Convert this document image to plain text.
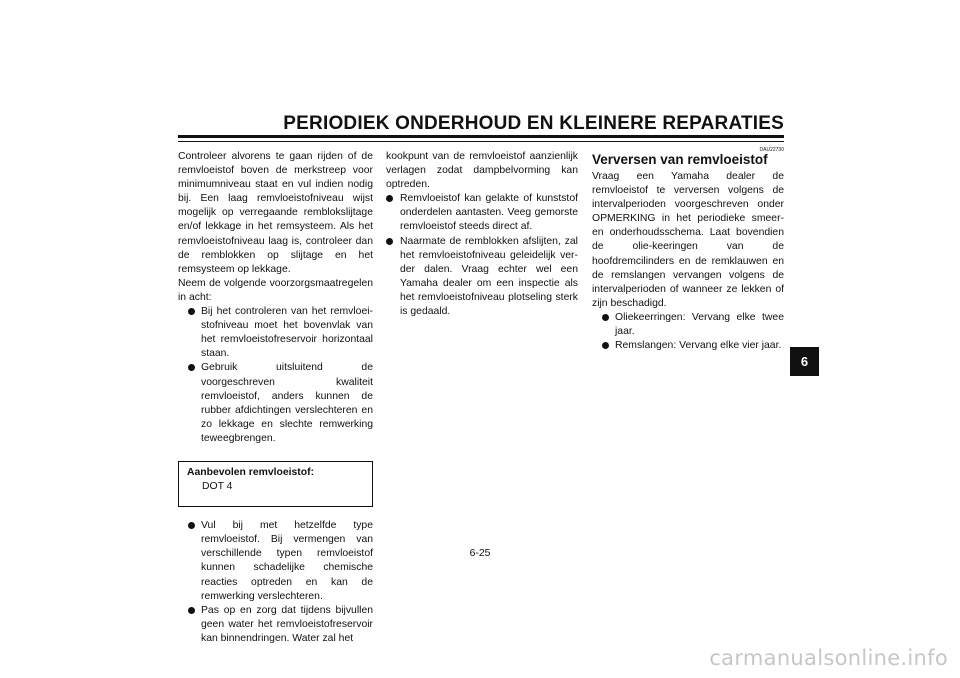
PERIODIEK ONDERHOUD EN KLEINERE REPARATIES

Controleer alvorens te gaan rijden of de remvloeistof boven de merkstreep voor minimumniveau staat en vul indien nodig bij. Een laag remvloeistofniveau wijst mogelijk op verregaande remblokslijtage en/of lekkage in het remsysteem. Als het remvloeistofniveau laag is, controleer dan de remblokken op slijtage en het remsysteem op lekkage.

Neem de volgende voorzorgsmaatregelen in acht:

Bij het controleren van het remvloeistofniveau moet het bovenvlak van het remvloeistofreservoir horizontaal staan.
Gebruik uitsluitend de voorgeschreven kwaliteit remvloeistof, anders kunnen de rubber afdichtingen verslechteren en zo lekkage en slechte remwerking teweegbrengen.
Aanbevolen remvloeistof:
DOT 4
Vul bij met hetzelfde type remvloeistof. Bij vermengen van verschillende typen remvloeistof kunnen schadelijke chemische reacties optreden en kan de remwerking verslechteren.
Pas op en zorg dat tijdens bijvullen geen water het remvloeistofreservoir kan binnendringen. Water zal het

kookpunt van de remvloeistof aanzienlijk verlagen zodat dampbelvorming kan optreden.

Remvloeistof kan gelakte of kunststof onderdelen aantasten. Veeg gemorste remvloeistof steeds direct af.
Naarmate de remblokken afslijten, zal het remvloeistofniveau geleidelijk verder dalen. Vraag echter wel een Yamaha dealer om een inspectie als het remvloeistofniveau plotseling sterk is gedaald.
DAU22730
Verversen van remvloeistof

Vraag een Yamaha dealer de remvloeistof te verversen volgens de intervalperioden voorgeschreven onder OPMERKING in het periodieke smeer- en onderhoudsschema. Laat bovendien de olie-keeringen van de hoofdremcilinders en de remklauwen en de remslangen vervangen volgens de intervalperioden of wanneer ze lekken of zijn beschadigd.

Oliekeerringen: Vervang elke twee jaar.
Remslangen: Vervang elke vier jaar.
6
6-25
carmanualsonline.info
